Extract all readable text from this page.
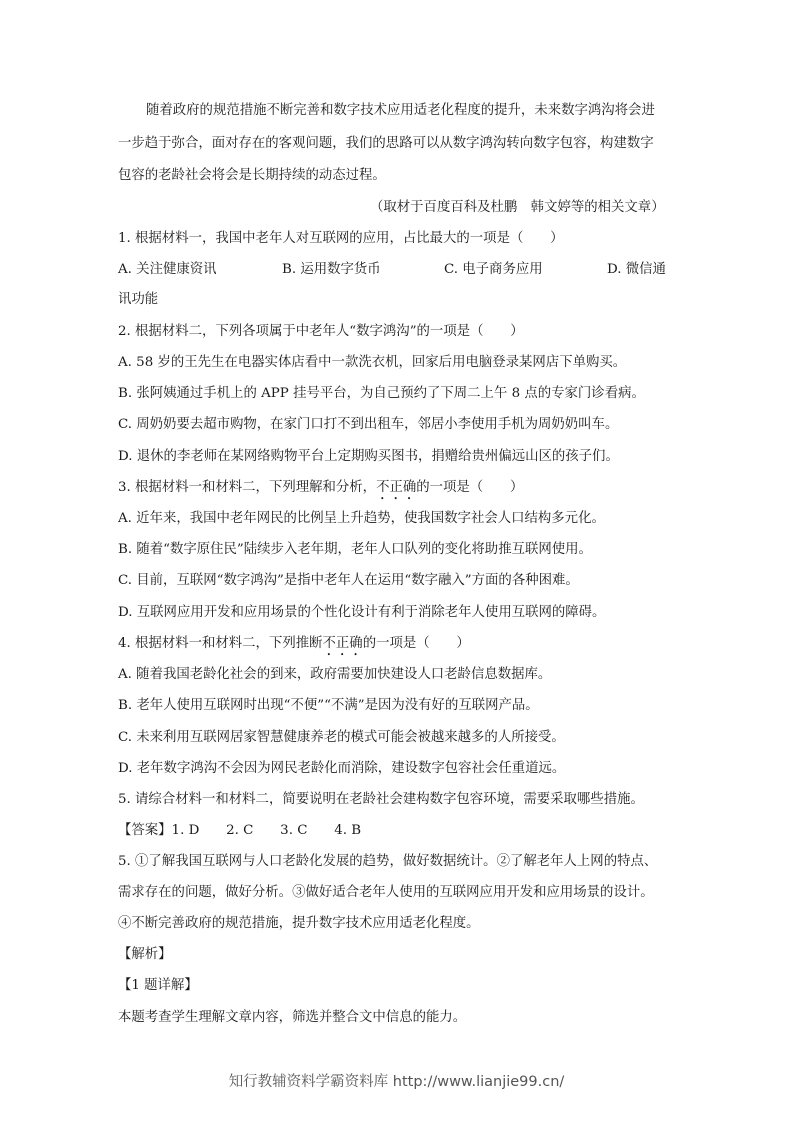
随着政府的规范措施不断完善和数字技术应用适老化程度的提升，未来数字鸿沟将会进
一步趋于弥合，面对存在的客观问题，我们的思路可以从数字鸿沟转向数字包容，构建数字
包容的老龄社会将会是长期持续的动态过程。
（取材于百度百科及杜鹏　韩文婷等的相关文章）
1. 根据材料一，我国中老年人对互联网的应用，占比最大的一项是（　　）
A. 关注健康资讯	B. 运用数字货币	C. 电子商务应用	D. 微信通
讯功能
2. 根据材料二，下列各项属于中老年人“数字鸿沟”的一项是（　　）
A. 58 岁的王先生在电器实体店看中一款洗衣机，回家后用电脑登录某网店下单购买。
B. 张阿姨通过手机上的 APP 挂号平台，为自己预约了下周二上午 8 点的专家门诊看病。
C. 周奶奶要去超市购物，在家门口打不到出租车，邻居小李使用手机为周奶奶叫车。
D. 退休的李老师在某网络购物平台上定期购买图书，捐赠给贵州偏远山区的孩子们。
3. 根据材料一和材料二，下列理解和分析，不正确的一项是（　　）
A. 近年来，我国中老年网民的比例呈上升趋势，使我国数字社会人口结构多元化。
B. 随着“数字原住民”陆续步入老年期，老年人口队列的变化将助推互联网使用。
C. 目前，互联网“数字鸿沟”是指中老年人在运用“数字融入”方面的各种困难。
D. 互联网应用开发和应用场景的个性化设计有利于消除老年人使用互联网的障碍。
4. 根据材料一和材料二，下列推断不正确的一项是（　　）
A. 随着我国老龄化社会的到来，政府需要加快建设人口老龄信息数据库。
B. 老年人使用互联网时出现“不便”“不满”是因为没有好的互联网产品。
C. 未来利用互联网居家智慧健康养老的模式可能会被越来越多的人所接受。
D. 老年数字鸿沟不会因为网民老龄化而消除，建设数字包容社会任重道远。
5. 请综合材料一和材料二，简要说明在老龄社会建构数字包容环境，需要采取哪些措施。
【答案】1. D　　2. C　　3. C　　4. B
5. ①了解我国互联网与人口老龄化发展的趋势，做好数据统计。②了解老年人上网的特点、
需求存在的问题，做好分析。③做好适合老年人使用的互联网应用开发和应用场景的设计。
④不断完善政府的规范措施，提升数字技术应用适老化程度。
【解析】
【1 题详解】
本题考查学生理解文章内容，筛选并整合文中信息的能力。
知行教辅资料学霸资料库 http://www.lianjie99.cn/
